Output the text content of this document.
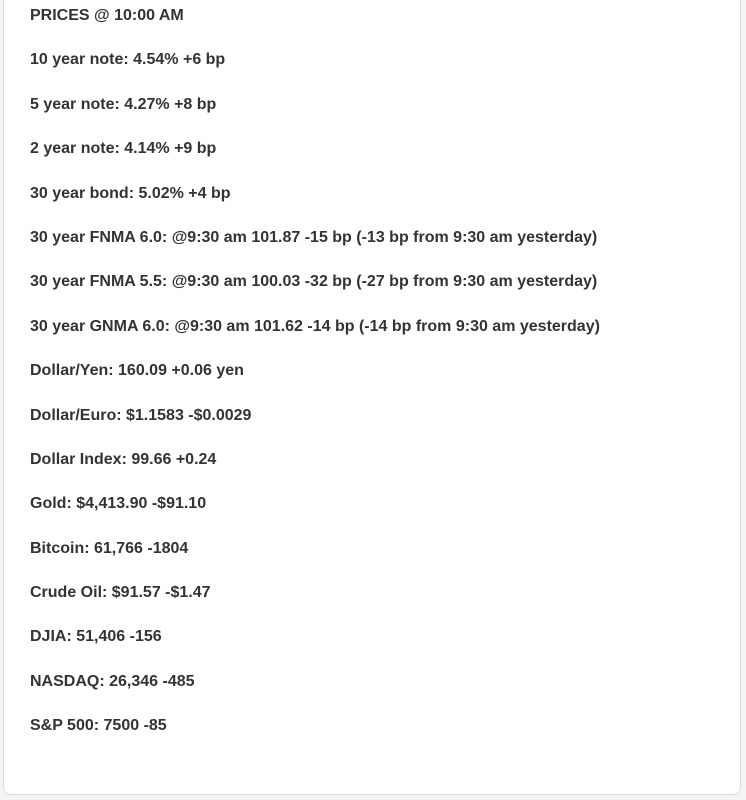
PRICES @ 10:00 AM
10 year note: 4.54% +6 bp
5 year note: 4.27% +8 bp
2 year note: 4.14% +9 bp
30 year bond: 5.02% +4 bp
30 year FNMA 6.0: @9:30 am 101.87 -15 bp (-13 bp from 9:30 am yesterday)
30 year FNMA 5.5: @9:30 am 100.03 -32 bp (-27 bp from 9:30 am yesterday)
30 year GNMA 6.0: @9:30 am 101.62 -14 bp (-14 bp from 9:30 am yesterday)
Dollar/Yen: 160.09 +0.06 yen
Dollar/Euro: $1.1583 -$0.0029
Dollar Index: 99.66 +0.24
Gold: $4,413.90 -$91.10
Bitcoin: 61,766 -1804
Crude Oil: $91.57 -$1.47
DJIA: 51,406 -156
NASDAQ: 26,346 -485
S&P 500: 7500 -85
